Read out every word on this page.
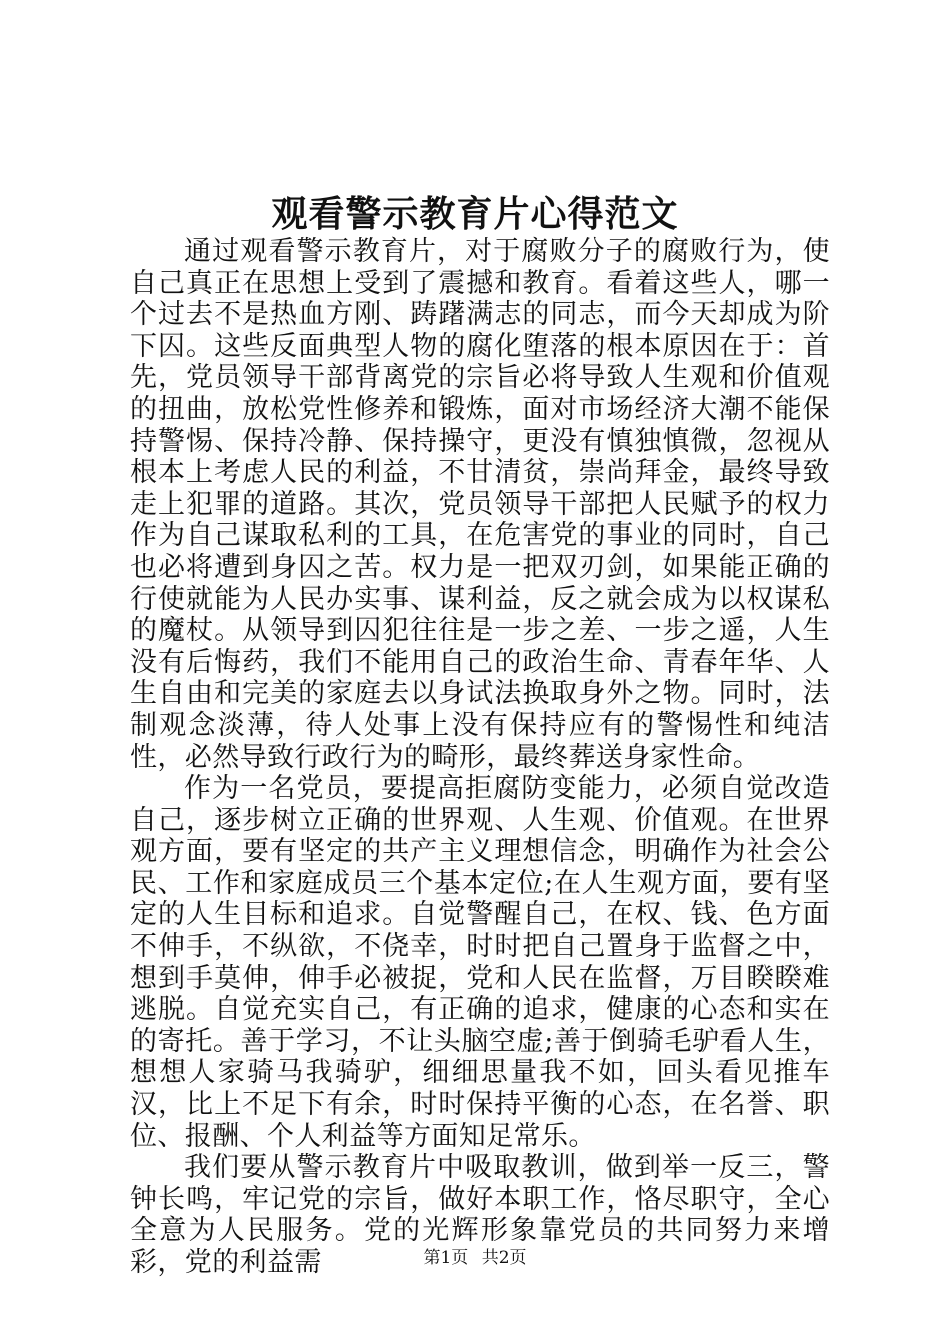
观看警示教育片心得范文

通过观看警示教育片，对于腐败分子的腐败行为，使自己真正在思想上受到了震撼和教育。看着这些人，哪一个过去不是热血方刚、踌躇满志的同志，而今天却成为阶下囚。这些反面典型人物的腐化堕落的根本原因在于：首先，党员领导干部背离党的宗旨必将导致人生观和价值观的扭曲，放松党性修养和锻炼，面对市场经济大潮不能保持警惕、保持冷静、保持操守，更没有慎独慎微，忽视从根本上考虑人民的利益，不甘清贫，崇尚拜金，最终导致走上犯罪的道路。其次，党员领导干部把人民赋予的权力作为自己谋取私利的工具，在危害党的事业的同时，自己也必将遭到身囚之苦。权力是一把双刃剑，如果能正确的行使就能为人民办实事、谋利益，反之就会成为以权谋私的魔杖。从领导到囚犯往往是一步之差、一步之遥，人生没有后悔药，我们不能用自己的政治生命、青春年华、人生自由和完美的家庭去以身试法换取身外之物。同时，法制观念淡薄，待人处事上没有保持应有的警惕性和纯洁性，必然导致行政行为的畸形，最终葬送身家性命。

作为一名党员，要提高拒腐防变能力，必须自觉改造自己，逐步树立正确的世界观、人生观、价值观。在世界观方面，要有坚定的共产主义理想信念，明确作为社会公民、工作和家庭成员三个基本定位;在人生观方面，要有坚定的人生目标和追求。自觉警醒自己，在权、钱、色方面不伸手，不纵欲，不侥幸，时时把自己置身于监督之中，想到手莫伸，伸手必被捉，党和人民在监督，万目睽睽难逃脱。自觉充实自己，有正确的追求，健康的心态和实在的寄托。善于学习，不让头脑空虚;善于倒骑毛驴看人生，想想人家骑马我骑驴，细细思量我不如，回头看见推车汉，比上不足下有余，时时保持平衡的心态，在名誉、职位、报酬、个人利益等方面知足常乐。

我们要从警示教育片中吸取教训，做到举一反三，警钟长鸣，牢记党的宗旨，做好本职工作，恪尽职守，全心全意为人民服务。党的光辉形象靠党员的共同努力来增彩，党的利益需	第1页 共2页
